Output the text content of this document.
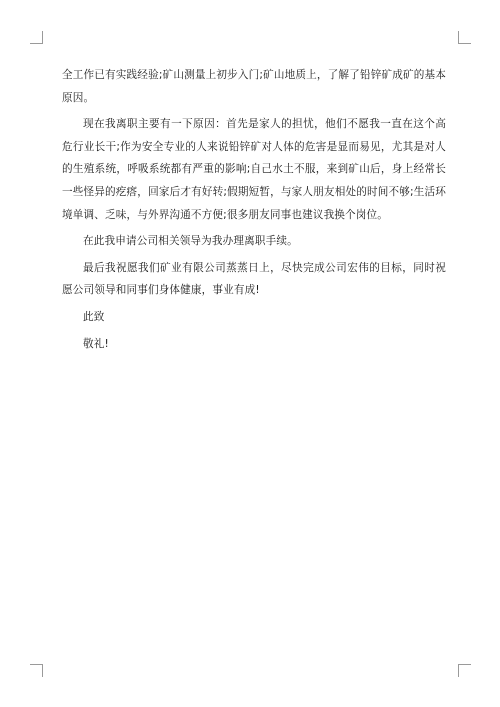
全工作已有实践经验;矿山测量上初步入门;矿山地质上，了解了铅锌矿成矿的基本原因。

现在我离职主要有一下原因：首先是家人的担忧，他们不愿我一直在这个高危行业长干;作为安全专业的人来说铅锌矿对人体的危害是显而易见，尤其是对人的生殖系统，呼吸系统都有严重的影响;自己水土不服，来到矿山后，身上经常长一些怪异的疙瘩，回家后才有好转;假期短暂，与家人朋友相处的时间不够;生活环境单调、乏味，与外界沟通不方便;很多朋友同事也建议我换个岗位。

在此我申请公司相关领导为我办理离职手续。

最后我祝愿我们矿业有限公司蒸蒸日上，尽快完成公司宏伟的目标，同时祝愿公司领导和同事们身体健康，事业有成!

此致

敬礼!
